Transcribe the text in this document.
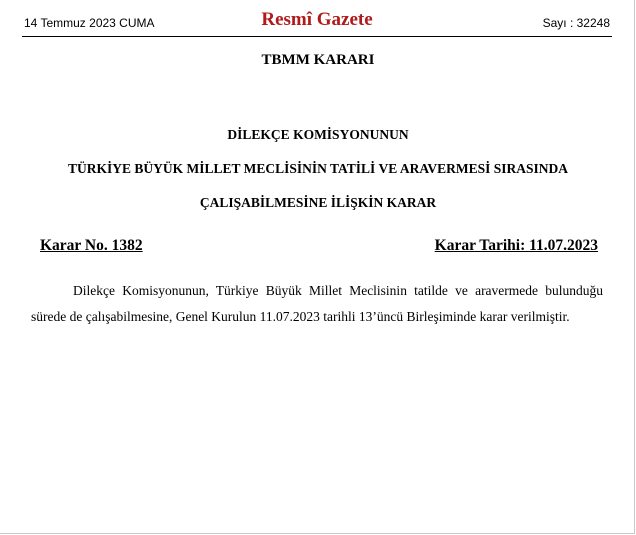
14 Temmuz 2023 CUMA	Resmî Gazete	Sayı : 32248
TBMM KARARI
DİLEKÇE KOMİSYONUNUN
TÜRKİYE BÜYÜK MİLLET MECLİSİNİN TATİLİ VE ARAVERMESİ SIRASINDA
ÇALIŞABİLMESİNE İLİŞKİN KARAR
Karar No. 1382	Karar Tarihi: 11.07.2023

Dilekçe Komisyonunun, Türkiye Büyük Millet Meclisinin tatilde ve aravermede bulunduğu sürede de çalışabilmesine, Genel Kurulun 11.07.2023 tarihli 13’üncü Birleşiminde karar verilmiştir.
